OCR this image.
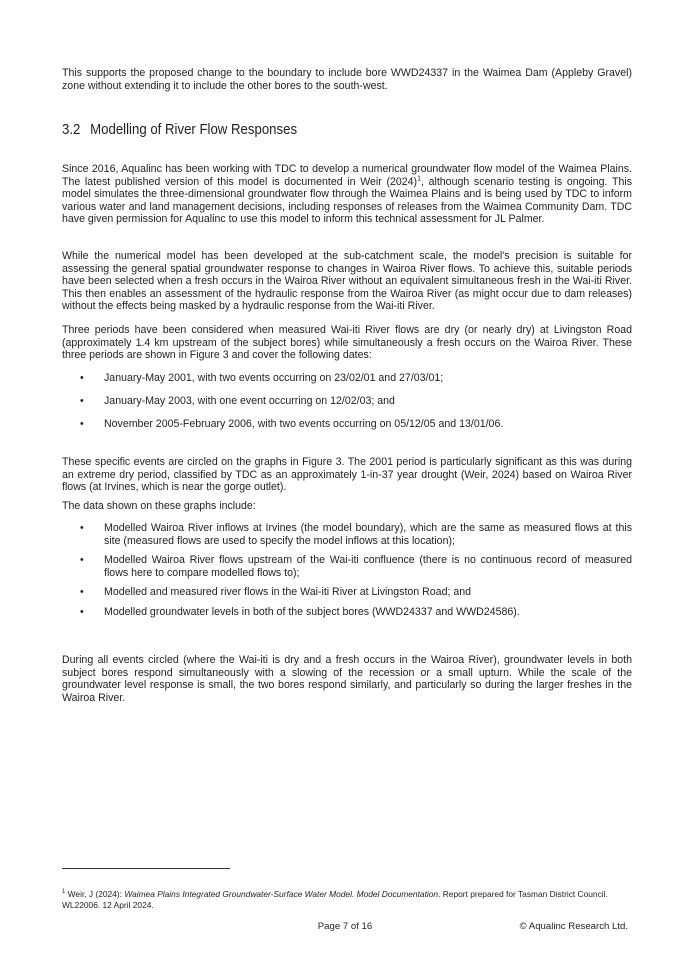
This supports the proposed change to the boundary to include bore WWD24337 in the Waimea Dam (Appleby Gravel) zone without extending it to include the other bores to the south-west.

3.2 Modelling of River Flow Responses

Since 2016, Aqualinc has been working with TDC to develop a numerical groundwater flow model of the Waimea Plains. The latest published version of this model is documented in Weir $(2024)^1$, although scenario testing is ongoing. This model simulates the three-dimensional groundwater flow through the Waimea Plains and is being used by TDC to inform various water and land management decisions, including responses of releases from the Waimea Community Dam. TDC have given permission for Aqualinc to use this model to inform this technical assessment for JL Palmer.

While the numerical model has been developed at the sub-catchment scale, the model's precision is suitable for assessing the general spatial groundwater response to changes in Wairoa River flows. To achieve this, suitable periods have been selected when a fresh occurs in the Wairoa River without an equivalent simultaneous fresh in the Wai-iti River. This then enables an assessment of the hydraulic response from the Wairoa River (as might occur due to dam releases) without the effects being masked by a hydraulic response from the Wai-iti River.

Three periods have been considered when measured Wai-iti River flows are dry (or nearly dry) at Livingston Road (approximately 1.4 km upstream of the subject bores) while simultaneously a fresh occurs on the Wairoa River. These three periods are shown in Figure 3 and cover the following dates:

• January-May 2001, with two events occurring on 23/02/01 and 27/03/01;
• January-May 2003, with one event occurring on 12/02/03; and
• November 2005-February 2006, with two events occurring on 05/12/05 and 13/01/06.

These specific events are circled on the graphs in Figure 3. The 2001 period is particularly significant as this was during an extreme dry period, classified by TDC as an approximately 1-in-37 year drought (Weir, 2024) based on Wairoa River flows (at Irvines, which is near the gorge outlet).

The data shown on these graphs include:

• Modelled Wairoa River inflows at Irvines (the model boundary), which are the same as measured flows at this site (measured flows are used to specify the model inflows at this location);
• Modelled Wairoa River flows upstream of the Wai-iti confluence (there is no continuous record of measured flows here to compare modelled flows to);
• Modelled and measured river flows in the Wai-iti River at Livingston Road; and
• Modelled groundwater levels in both of the subject bores (WWD24337 and WWD24586).

During all events circled (where the Wai-iti is dry and a fresh occurs in the Wairoa River), groundwater levels in both subject bores respond simultaneously with a slowing of the recession or a small upturn. While the scale of the groundwater level response is small, the two bores respond similarly, and particularly so during the larger freshes in the Wairoa River.

$^1$ Weir, J (2024): Waimea Plains Integrated Groundwater-Surface Water Model. Model Documentation. Report prepared for Tasman District Council. WL22006. 12 April 2024.
Page 7 of 16	© Aqualinc Research Ltd.
